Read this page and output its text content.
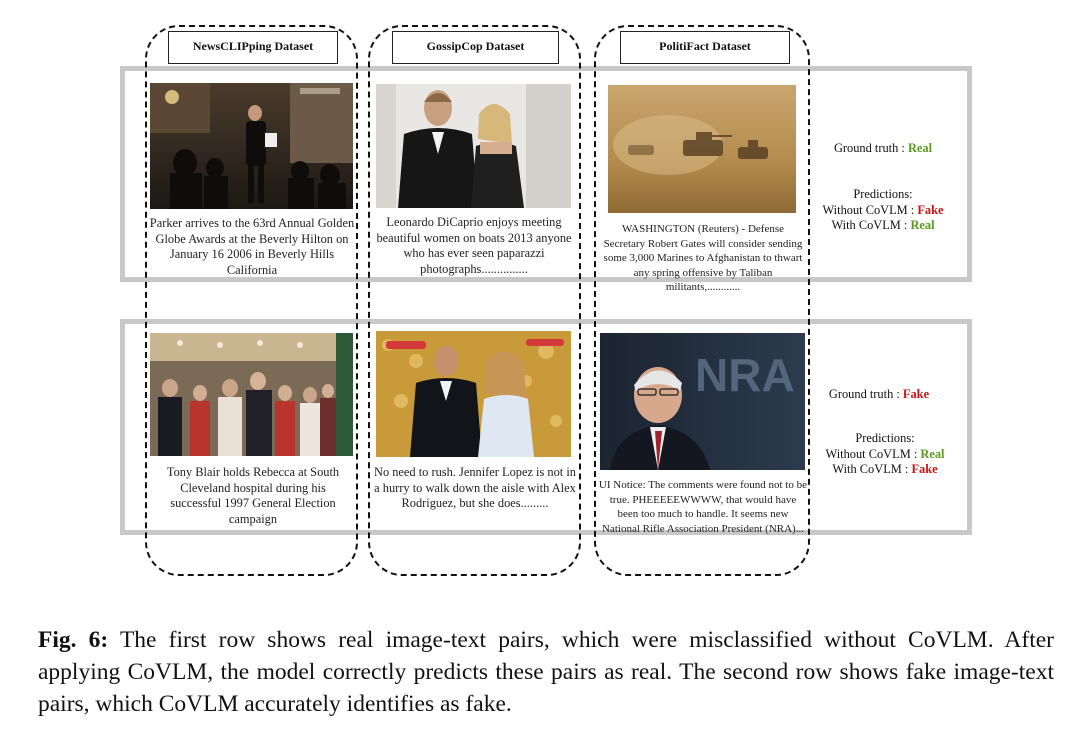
NewsCLIPping Dataset	GossipCop Dataset	PolitiFact Dataset
Parker arrives to the 63rd Annual Golden Globe Awards at the Beverly Hilton on January 16 2006 in Beverly Hills California
Leonardo DiCaprio enjoys meeting beautiful women on boats 2013 anyone who has ever seen paparazzi photographs...............
WASHINGTON (Reuters) - Defense Secretary Robert Gates will consider sending some 3,000 Marines to Afghanistan to thwart any spring offensive by Taliban militants,............
Ground truth : Real
Predictions:
Without CoVLM : Fake
With CoVLM : Real
NRA
Tony Blair holds Rebecca at South Cleveland hospital during his successful 1997 General Election campaign
No need to rush. Jennifer Lopez is not in a hurry to walk down the aisle with Alex Rodriguez, but she does.........
UI Notice: The comments were found not to be true. PHEEEEEWWWW, that would have been too much to handle. It seems new National Rifle Association President (NRA)...
Ground truth : Fake
Predictions:
Without CoVLM : Real
With CoVLM : Fake
Fig. 6: The first row shows real image-text pairs, which were misclassified without CoVLM. After applying CoVLM, the model correctly predicts these pairs as real. The second row shows fake image-text pairs, which CoVLM accurately identifies as fake.
